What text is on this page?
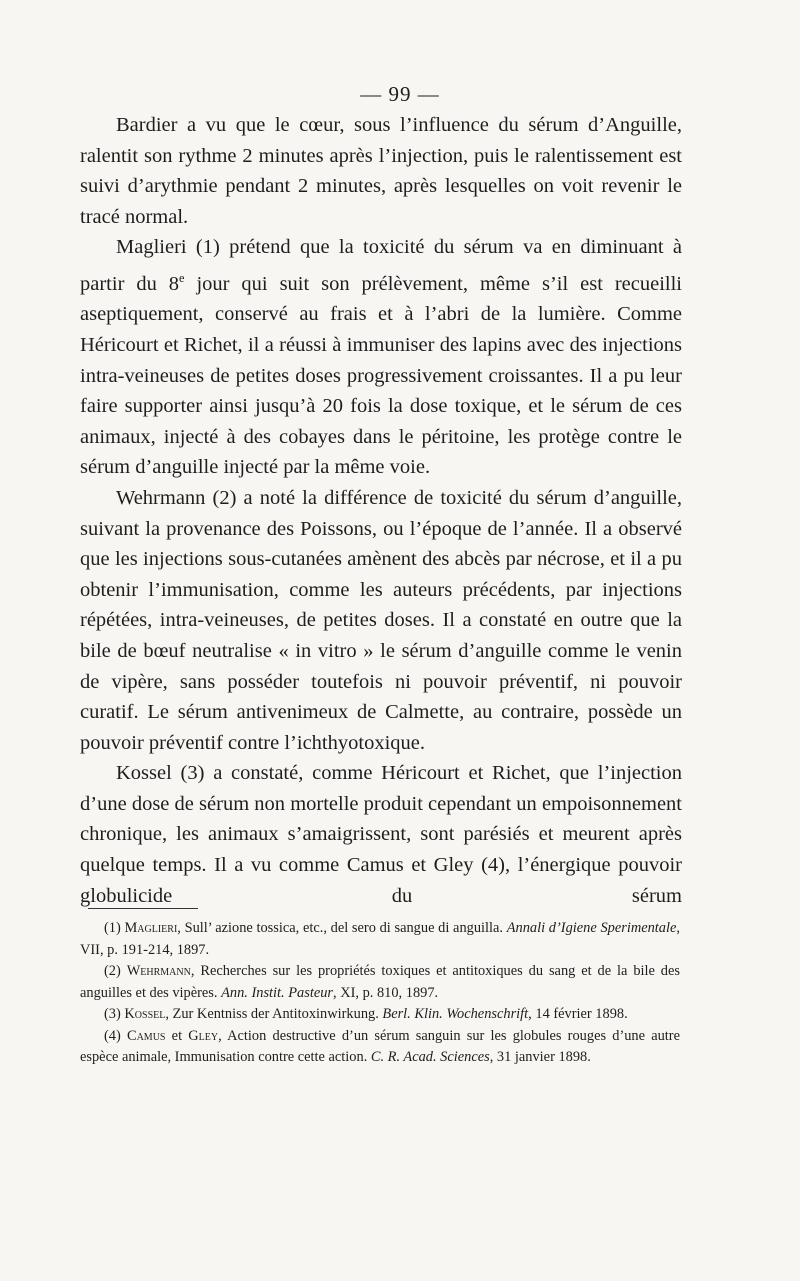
— 99 —

Bardier a vu que le cœur, sous l’influence du sérum d’Anguille, ralentit son rythme 2 minutes après l’injection, puis le ralentissement est suivi d’arythmie pendant 2 minutes, après lesquelles on voit revenir le tracé normal.

Maglieri (1) prétend que la toxicité du sérum va en diminuant à partir du 8e jour qui suit son prélèvement, même s’il est recueilli aseptiquement, conservé au frais et à l’abri de la lumière. Comme Héricourt et Richet, il a réussi à immuniser des lapins avec des injections intra-veineuses de petites doses progressivement croissantes. Il a pu leur faire supporter ainsi jusqu’à 20 fois la dose toxique, et le sérum de ces animaux, injecté à des cobayes dans le péritoine, les protège contre le sérum d’anguille injecté par la même voie.

Wehrmann (2) a noté la différence de toxicité du sérum d’anguille, suivant la provenance des Poissons, ou l’époque de l’année. Il a observé que les injections sous-cutanées amènent des abcès par nécrose, et il a pu obtenir l’immunisation, comme les auteurs précédents, par injections répétées, intra-veineuses, de petites doses. Il a constaté en outre que la bile de bœuf neutralise « in vitro » le sérum d’anguille comme le venin de vipère, sans posséder toutefois ni pouvoir préventif, ni pouvoir curatif. Le sérum antivenimeux de Calmette, au contraire, possède un pouvoir préventif contre l’ichthyotoxique.

Kossel (3) a constaté, comme Héricourt et Richet, que l’injection d’une dose de sérum non mortelle produit cependant un empoisonnement chronique, les animaux s’amaigrissent, sont parésiés et meurent après quelque temps. Il a vu comme Camus et Gley (4), l’énergique pouvoir globulicide du sérum

(1) Maglieri, Sull’ azione tossica, etc., del sero di sangue di anguilla. Annali d’Igiene Sperimentale, VII, p. 191-214, 1897.

(2) Wehrmann, Recherches sur les propriétés toxiques et antitoxiques du sang et de la bile des anguilles et des vipères. Ann. Instit. Pasteur, XI, p. 810, 1897.

(3) Kossel, Zur Kentniss der Antitoxinwirkung. Berl. Klin. Wochenschrift, 14 février 1898.

(4) Camus et Gley, Action destructive d’un sérum sanguin sur les globules rouges d’une autre espèce animale, Immunisation contre cette action. C. R. Acad. Sciences, 31 janvier 1898.
